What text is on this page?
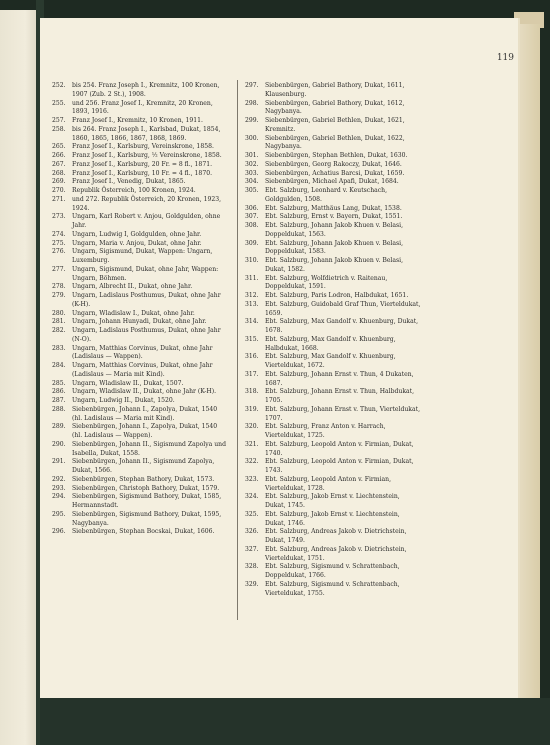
119

252. bis 254. Franz Joseph I., Kremnitz, 100 Kronen, 1907 (Zub. 2 St.), 1908.

255. und 256. Franz Josef I., Kremnitz, 20 Kronen, 1893, 1916.

257. Franz Josef I., Kremnitz, 10 Kronen, 1911.

258. bis 264. Franz Joseph I., Karlsbad, Dukat, 1854, 1860, 1865, 1866, 1867, 1868, 1869.

265. Franz Josef I., Karlsburg, Vereinskrone, 1858.

266. Franz Josef I., Karlsburg, ½ Vereinskrone, 1858.

267. Franz Josef I., Karlsburg, 20 Fr. = 8 fl., 1871.

268. Franz Josef I., Karlsburg, 10 Fr. = 4 fl., 1870.

269. Franz Josef I., Venedig, Dukat, 1865.

270. Republik Österreich, 100 Kronen, 1924.

271. und 272. Republik Österreich, 20 Kronen, 1923, 1924.

273. Ungarn, Karl Robert v. Anjou, Goldgulden, ohne Jahr.

274. Ungarn, Ludwig I, Goldgulden, ohne Jahr.

275. Ungarn, Maria v. Anjou, Dukat, ohne Jahr.

276. Ungarn, Sigismund, Dukat, Wappen: Ungarn, Luxemburg.

277. Ungarn, Sigismund, Dukat, ohne Jahr, Wappen: Ungarn, Böhmen.

278. Ungarn, Albrecht II., Dukat, ohne Jahr.

279. Ungarn, Ladislaus Posthumus, Dukat, ohne Jahr (K-H).

280. Ungarn, Wladislaw I., Dukat, ohne Jahr.

281. Ungarn, Johann Hunyadi, Dukat, ohne Jahr.

282. Ungarn, Ladislaus Posthumus, Dukat, ohne Jahr (N-O).

283. Ungarn, Matthias Corvinus, Dukat, ohne Jahr (Ladislaus — Wappen).

284. Ungarn, Matthias Corvinus, Dukat, ohne Jahr (Ladislaus — Maria mit Kind).

285. Ungarn, Wladislaw II., Dukat, 1507.

286. Ungarn, Wladislaw II., Dukat, ohne Jahr (K-H).

287. Ungarn, Ludwig II., Dukat, 1520.

288. Siebenbürgen, Johann I., Zapolya, Dukat, 1540 (hl. Ladislaus — Maria mit Kind).

289. Siebenbürgen, Johann I., Zapolya, Dukat, 1540 (hl. Ladislaus — Wappen).

290. Siebenbürgen, Johann II., Sigismund Zapolya und Isabella, Dukat, 1558.

291. Siebenbürgen, Johann II., Sigismund Zapolya, Dukat, 1566.

292. Siebenbürgen, Stephan Bathory, Dukat, 1573.

293. Siebenbürgen, Christoph Bathory, Dukat, 1579.

294. Siebenbürgen, Sigismund Bathory, Dukat, 1585, Hermannstadt.

295. Siebenbürgen, Sigismund Bathory, Dukat, 1595, Nagybanya.

296. Siebenbürgen, Stephan Bocskai, Dukat, 1606.

297. Siebenbürgen, Gabriel Bathory, Dukat, 1611, Klausenburg.

298. Siebenbürgen, Gabriel Bathory, Dukat, 1612, Nagybanya.

299. Siebenbürgen, Gabriel Bethlen, Dukat, 1621, Kremnitz.

300. Siebenbürgen, Gabriel Bethlen, Dukat, 1622, Nagybanya.

301. Siebenbürgen, Stephan Bethlen, Dukat, 1630.

302. Siebenbürgen, Georg Rakoczy, Dukat, 1646.

303. Siebenbürgen, Achatius Barcsi, Dukat, 1659.

304. Siebenbürgen, Michael Apafi, Dukat, 1684.

305. Ebt. Salzburg, Leonhard v. Keutschach, Goldgulden, 1508.

306. Ebt. Salzburg, Matthäus Lang, Dukat, 1538.

307. Ebt. Salzburg, Ernst v. Bayern, Dukat, 1551.

308. Ebt. Salzburg, Johann Jakob Khuen v. Belasi, Doppeldukat, 1563.

309. Ebt. Salzburg, Johann Jakob Khuen v. Belasi, Doppeldukat, 1583.

310. Ebt. Salzburg, Johann Jakob Khuen v. Belasi, Dukat, 1582.

311. Ebt. Salzburg, Wolfdietrich v. Raitenau, Doppeldukat, 1591.

312. Ebt. Salzburg, Paris Lodron, Halbdukat, 1651.

313. Ebt. Salzburg, Guidobald Graf Thun, Vierteldukat, 1659.

314. Ebt. Salzburg, Max Gandolf v. Khuenburg, Dukat, 1678.

315. Ebt. Salzburg, Max Gandolf v. Khuenburg, Halbdukat, 1668.

316. Ebt. Salzburg, Max Gandolf v. Khuenburg, Vierteldukat, 1672.

317. Ebt. Salzburg, Johann Ernst v. Thun, 4 Dukaten, 1687.

318. Ebt. Salzburg, Johann Ernst v. Thun, Halbdukat, 1705.

319. Ebt. Salzburg, Johann Ernst v. Thun, Vierteldukat, 1707.

320. Ebt. Salzburg, Franz Anton v. Harrach, Vierteldukat, 1725.

321. Ebt. Salzburg, Leopold Anton v. Firmian, Dukat, 1740.

322. Ebt. Salzburg, Leopold Anton v. Firmian, Dukat, 1743.

323. Ebt. Salzburg, Leopold Anton v. Firmian, Vierteldukat, 1728.

324. Ebt. Salzburg, Jakob Ernst v. Liechtenstein, Dukat, 1745.

325. Ebt. Salzburg, Jakob Ernst v. Liechtenstein, Dukat, 1746.

326. Ebt. Salzburg, Andreas Jakob v. Dietrichstein, Dukat, 1749.

327. Ebt. Salzburg, Andreas Jakob v. Dietrichstein, Vierteldukat, 1751.

328. Ebt. Salzburg, Sigismund v. Schrattenbach, Doppeldukat, 1766.

329. Ebt. Salzburg, Sigismund v. Schrattenbach, Vierteldukat, 1755.
